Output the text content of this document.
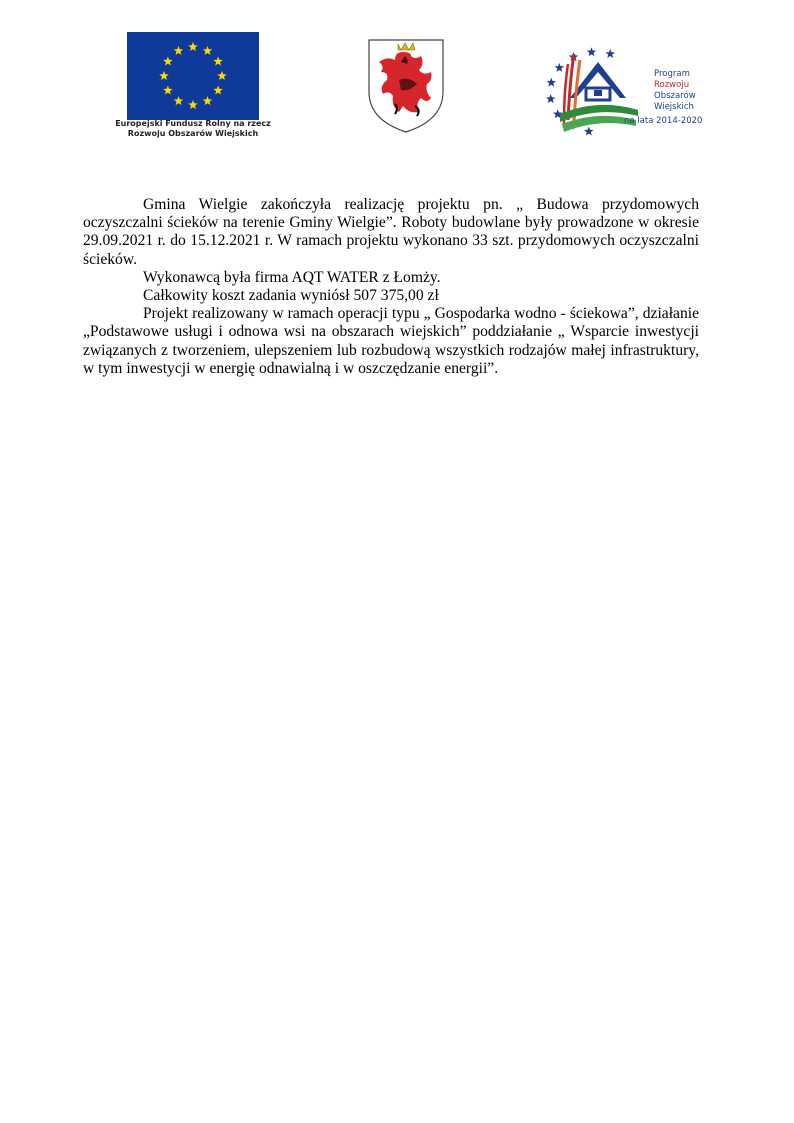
Europejski Fundusz Rolny na rzecz
Rozwoju Obszarów Wiejskich
Program
Rozwoju
Obszarów
Wiejskich
na lata 2014-2020

Gmina Wielgie zakończyła realizację projektu pn. „ Budowa przydomowych oczyszczalni ścieków na terenie Gminy Wielgie”. Roboty budowlane były prowadzone w okresie 29.09.2021 r. do 15.12.2021 r. W ramach projektu wykonano 33 szt. przydomowych oczyszczalni ścieków.

Wykonawcą była firma AQT WATER z Łomży.

Całkowity koszt zadania wyniósł 507 375,00 zł

Projekt realizowany w ramach operacji typu „ Gospodarka wodno - ściekowa”, działanie „Podstawowe usługi i odnowa wsi na obszarach wiejskich” poddziałanie „ Wsparcie inwestycji związanych z tworzeniem, ulepszeniem lub rozbudową wszystkich rodzajów małej infrastruktury, w tym inwestycji w energię odnawialną i w oszczędzanie energii”.
